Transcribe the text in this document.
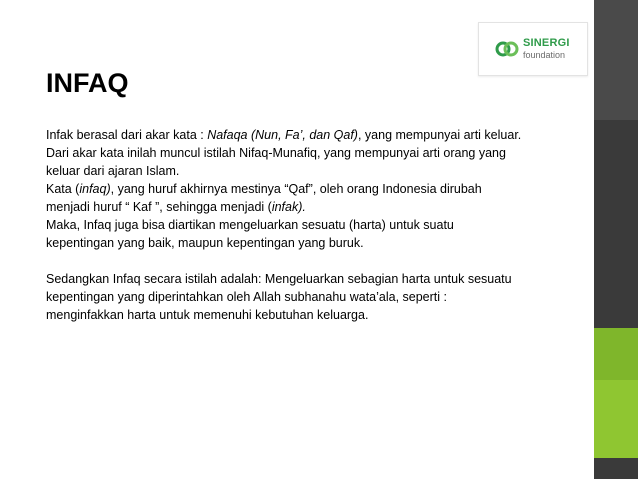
SINERGI
foundation
INFAQ
Infak berasal dari akar kata : Nafaqa (Nun, Fa’, dan Qaf), yang mempunyai arti keluar.
Dari akar kata inilah muncul istilah Nifaq-Munafiq, yang mempunyai arti orang yang
keluar dari ajaran Islam.
Kata (infaq), yang huruf akhirnya mestinya “Qaf”, oleh orang Indonesia dirubah
menjadi huruf “ Kaf ”, sehingga menjadi (infak).
Maka, Infaq juga bisa diartikan mengeluarkan sesuatu (harta) untuk suatu
kepentingan yang baik, maupun kepentingan yang buruk.
Sedangkan Infaq secara istilah adalah: Mengeluarkan sebagian harta untuk sesuatu
kepentingan yang diperintahkan oleh Allah subhanahu wata’ala, seperti :
menginfakkan harta untuk memenuhi kebutuhan keluarga.
